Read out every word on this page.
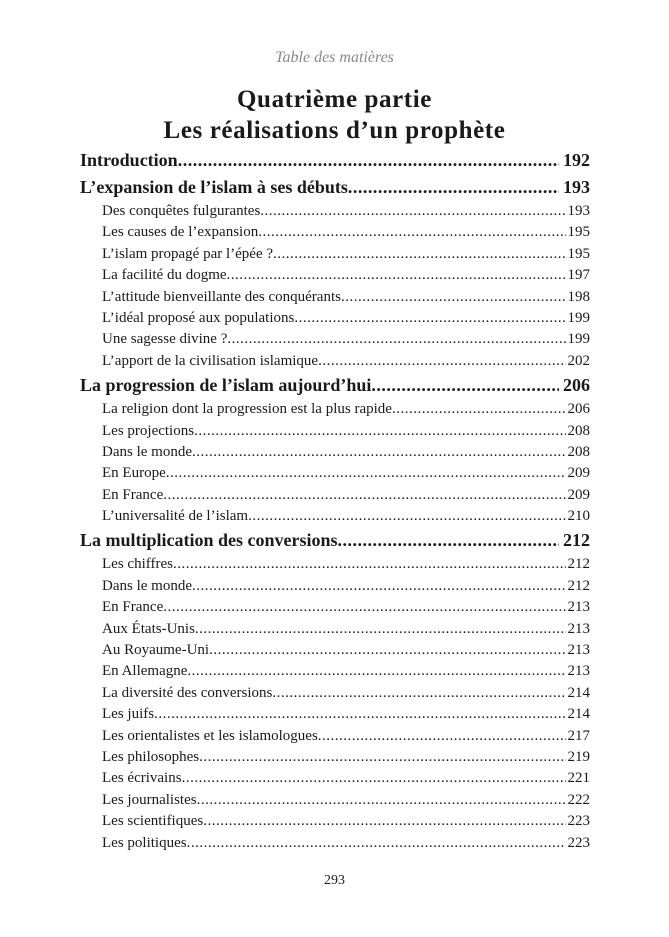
Table des matières
Quatrième partie
Les réalisations d’un prophète
Introduction .....	192
L’expansion de l’islam à ses débuts .....	193
Des conquêtes fulgurantes .....	193
Les causes de l’expansion .....	195
L’islam propagé par l’épée ? .....	195
La facilité du dogme .....	197
L’attitude bienveillante des conquérants .....	198
L’idéal proposé aux populations .....	199
Une sagesse divine ? .....	199
L’apport de la civilisation islamique .....	202
La progression de l’islam aujourd’hui .....	206
La religion dont la progression est la plus rapide .....	206
Les projections .....	208
Dans le monde .....	208
En Europe .....	209
En France .....	209
L’universalité de l’islam .....	210
La multiplication des conversions .....	212
Les chiffres .....	212
Dans le monde .....	212
En France .....	213
Aux États-Unis .....	213
Au Royaume-Uni .....	213
En Allemagne .....	213
La diversité des conversions .....	214
Les juifs .....	214
Les orientalistes et les islamologues .....	217
Les philosophes .....	219
Les écrivains .....	221
Les journalistes .....	222
Les scientifiques .....	223
Les politiques .....	223
293
